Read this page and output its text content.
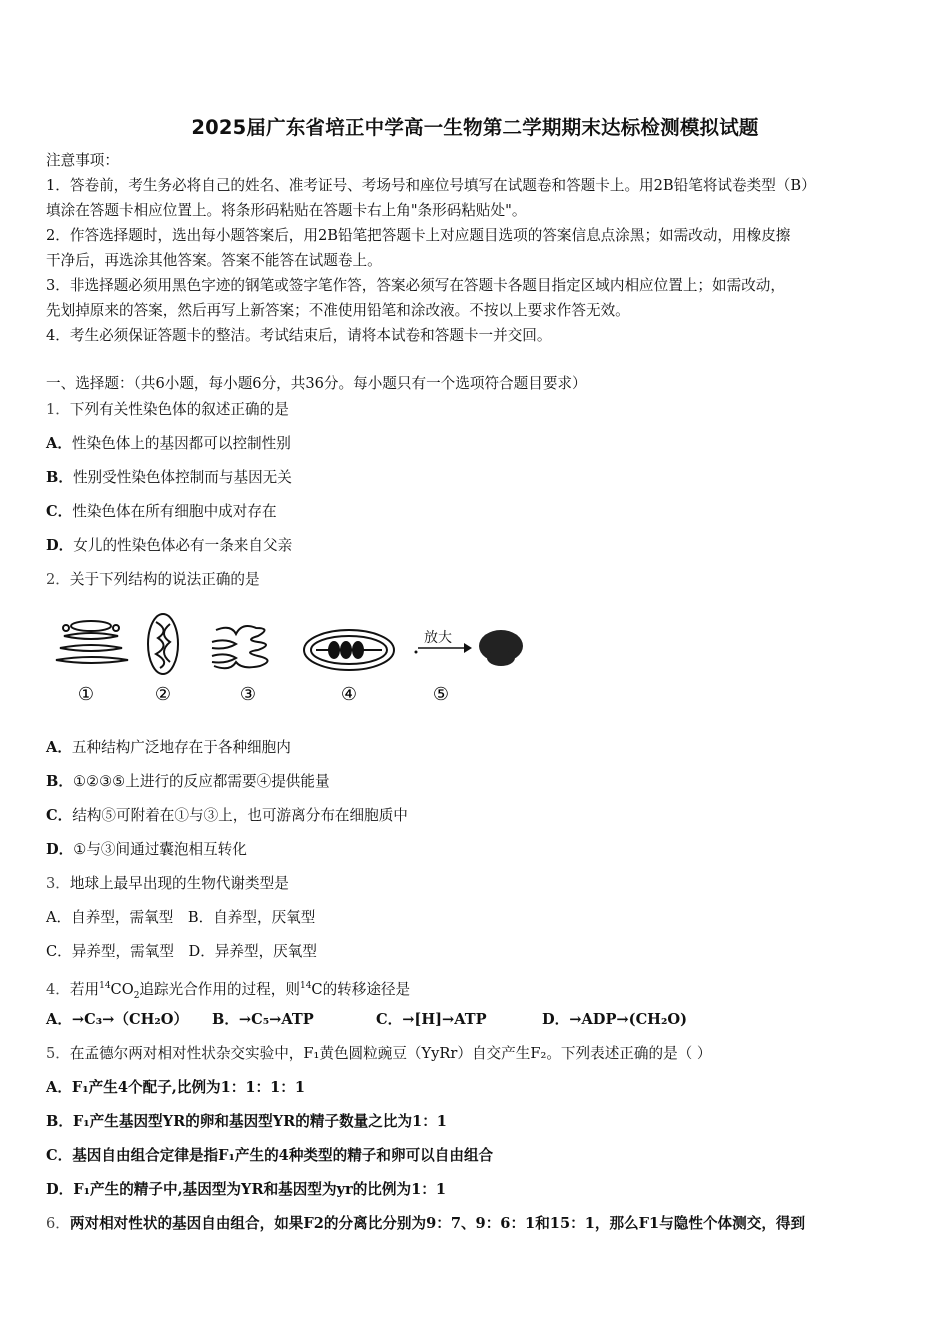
2025届广东省培正中学高一生物第二学期期末达标检测模拟试题
注意事项：
1．答卷前，考生务必将自己的姓名、准考证号、考场号和座位号填写在试题卷和答题卡上。用2B铅笔将试卷类型（B）
填涂在答题卡相应位置上。将条形码粘贴在答题卡右上角"条形码粘贴处"。
2．作答选择题时，选出每小题答案后，用2B铅笔把答题卡上对应题目选项的答案信息点涂黑；如需改动，用橡皮擦
干净后，再选涂其他答案。答案不能答在试题卷上。
3．非选择题必须用黑色字迹的钢笔或签字笔作答，答案必须写在答题卡各题目指定区域内相应位置上；如需改动，
先划掉原来的答案，然后再写上新答案；不准使用铅笔和涂改液。不按以上要求作答无效。
4．考生必须保证答题卡的整洁。考试结束后，请将本试卷和答题卡一并交回。
一、选择题：（共6小题，每小题6分，共36分。每小题只有一个选项符合题目要求）
1．下列有关性染色体的叙述正确的是
A．性染色体上的基因都可以控制性别
B．性别受性染色体控制而与基因无关
C．性染色体在所有细胞中成对存在
D．女儿的性染色体必有一条来自父亲
2．关于下列结构的说法正确的是
放大
①	②	③	④	⑤
A．五种结构广泛地存在于各种细胞内
B．①②③⑤上进行的反应都需要④提供能量
C．结构⑤可附着在①与③上，也可游离分布在细胞质中
D．①与③间通过囊泡相互转化
3．地球上最早出现的生物代谢类型是
A．自养型，需氧型　B．自养型，厌氧型
C．异养型，需氧型　D．异养型，厌氧型
4．若用$^{14}CO_2$追踪光合作用的过程，则$^{14}$C的转移途径是
A．→C₃→（CH₂O） B．→C₅→ATP	C．→[H]→ATP	D．→ADP→(CH₂O)
5．在孟德尔两对相对性状杂交实验中，F₁黄色圆粒豌豆（YyRr）自交产生F₂。下列表述正确的是（ ）
A．F₁产生4个配子,比例为1：1：1：1
B．F₁产生基因型YR的卵和基因型YR的精子数量之比为1：1
C．基因自由组合定律是指F₁产生的4种类型的精子和卵可以自由组合
D．F₁产生的精子中,基因型为YR和基因型为yr的比例为1：1
6．两对相对性状的基因自由组合，如果F2的分离比分别为9：7、9：6：1和15：1，那么F1与隐性个体测交，得到
